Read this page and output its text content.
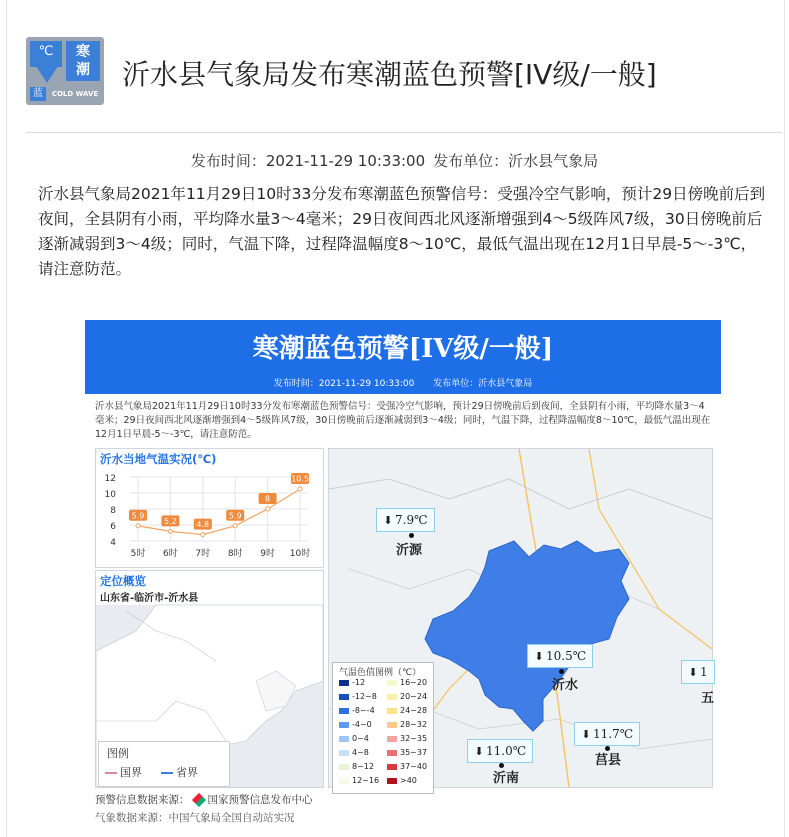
℃	寒
潮
蓝	COLD WAVE
沂水县气象局发布寒潮蓝色预警[IV级/一般]
发布时间：2021-11-29 10:33:00 发布单位：沂水县气象局
沂水县气象局2021年11月29日10时33分发布寒潮蓝色预警信号：受强冷空气影响，预计29日傍晚前后到夜间，全县阴有小雨，平均降水量3～4毫米；29日夜间西北风逐渐增强到4～5级阵风7级，30日傍晚前后逐渐减弱到3～4级；同时，气温下降，过程降温幅度8～10℃，最低气温出现在12月1日早晨-5～-3℃，请注意防范。
寒潮蓝色预警[IV级/一般]
发布时间：2021-11-29 10:33:00 发布单位：沂水县气象局
沂水县气象局2021年11月29日10时33分发布寒潮蓝色预警信号：受强冷空气影响，预计29日傍晚前后到夜间，全县阴有小雨，平均降水量3～4毫米；29日夜间西北风逐渐增强到4～5级阵风7级，30日傍晚前后逐渐减弱到3～4级；同时，气温下降，过程降温幅度8～10℃，最低气温出现在12月1日早晨-5～-3℃，请注意防范。
沂水当地气温实况(℃)
4
6
8
10
12
5时 6时 7时 8时 9时 10时
5.9
5.2 4.8
5.9
8
10.5
定位概览
山东省-临沂市-沂水县
图例
国界	省界
⬇ 7.9℃
沂源
⬇ 10.5℃
沂水
⬇ 11.0℃
沂南
⬇ 11.7℃
莒县
⬇ 1
五
气温色值图例（℃）
-12
-12~8
-8~-4
-4~0
0~4
4~8
8~12
12~16
16~20
20~24
24~28
28~32
32~35
35~37
37~40
>40
预警信息数据来源： 国家预警信息发布中心
气象数据来源：中国气象局全国自动站实况
